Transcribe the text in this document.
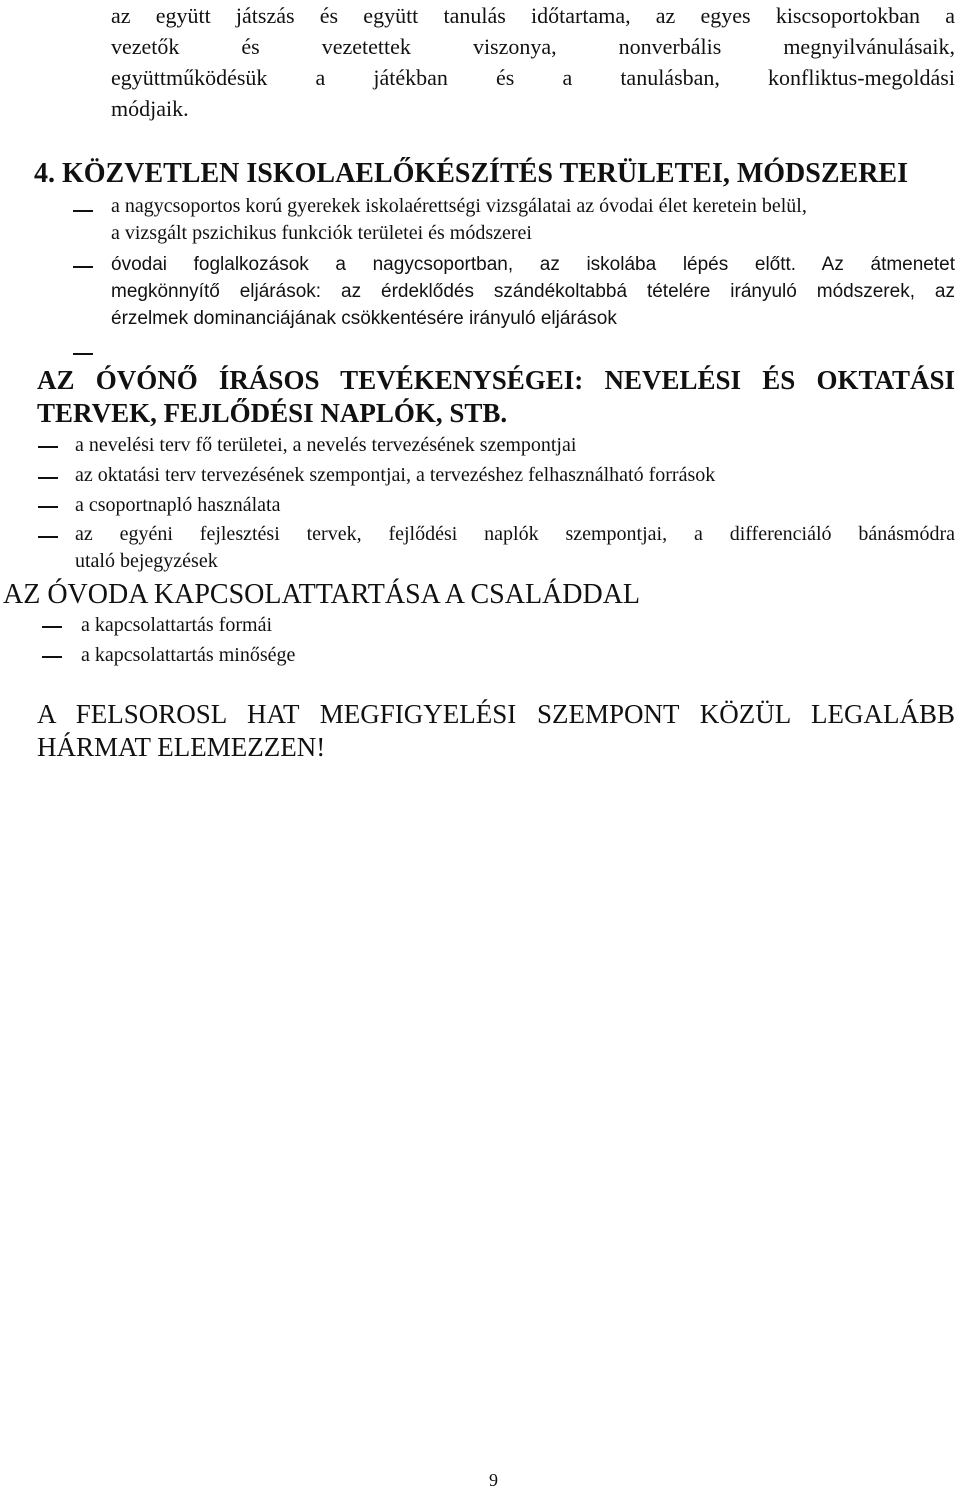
az együtt játszás és együtt tanulás időtartama, az egyes kiscsoportokban a
vezetők és vezetettek viszonya, nonverbális megnyilvánulásaik,
együttműködésük a játékban és a tanulásban, konfliktus-megoldási
módjaik.
4. KÖZVETLEN ISKOLAELŐKÉSZÍTÉS TERÜLETEI, MÓDSZEREI
a nagycsoportos korú gyerekek iskolaérettségi vizsgálatai az óvodai élet keretein belül,
a vizsgált pszichikus funkciók területei és módszerei
óvodai foglalkozások a nagycsoportban, az iskolába lépés előtt. Az átmenetet
megkönnyítő eljárások: az érdeklődés szándékoltabbá tételére irányuló módszerek, az
érzelmek dominanciájának csökkentésére irányuló eljárások
AZ ÓVÓNŐ ÍRÁSOS TEVÉKENYSÉGEI: NEVELÉSI ÉS OKTATÁSI
TERVEK, FEJLŐDÉSI NAPLÓK, STB.
a nevelési terv fő területei, a nevelés tervezésének szempontjai
az oktatási terv tervezésének szempontjai, a tervezéshez felhasználható források
a csoportnapló használata
az egyéni fejlesztési tervek, fejlődési naplók szempontjai, a differenciáló bánásmódra
utaló bejegyzések
AZ ÓVODA KAPCSOLATTARTÁSA A CSALÁDDAL
a kapcsolattartás formái
a kapcsolattartás minősége
A FELSOROSL HAT MEGFIGYELÉSI SZEMPONT KÖZÜL LEGALÁBB
HÁRMAT ELEMEZZEN!
9
